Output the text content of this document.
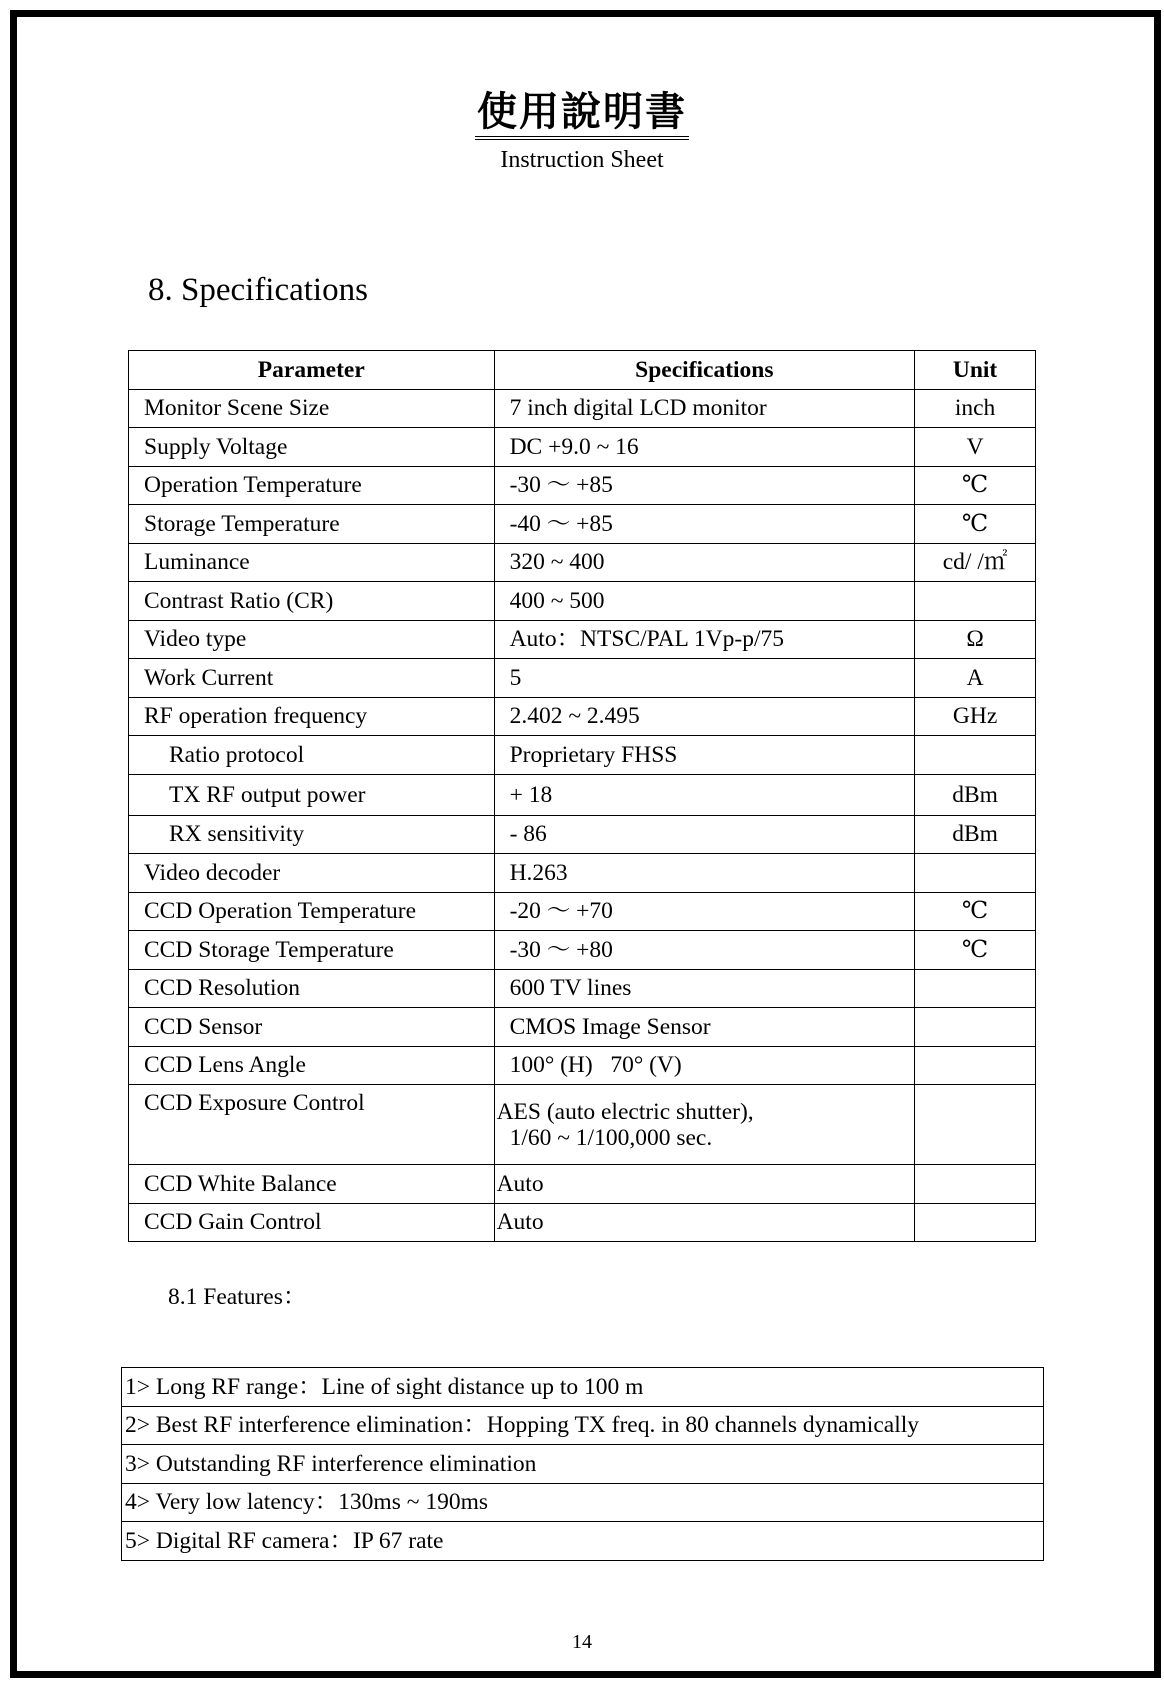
使用說明書
Instruction Sheet
8. Specifications
Parameter	Specifications	Unit
Monitor Scene Size	7 inch digital LCD monitor	inch
Supply Voltage	DC +9.0 ~ 16	V
Operation Temperature	-30 ～ +85	℃
Storage Temperature	-40 ～ +85	℃
Luminance	320 ~ 400	cd/ /㎡
Contrast Ratio (CR)	400 ~ 500	
Video type	Auto：NTSC/PAL 1Vp-p/75	Ω
Work Current	5	A
RF operation frequency	2.402 ~ 2.495	GHz
Ratio protocol	Proprietary FHSS	
TX RF output power	+ 18	dBm
RX sensitivity	- 86	dBm
Video decoder	H.263	
CCD Operation Temperature	-20 ～ +70	℃
CCD Storage Temperature	-30 ～ +80	℃
CCD Resolution	600 TV lines	
CCD Sensor	CMOS Image Sensor	
CCD Lens Angle	100° (H)   70° (V)	
CCD Exposure Control	AES (auto electric shutter),
1/60 ~ 1/100,000 sec.	

CCD White Balance	Auto	
CCD Gain Control	Auto	
8.1 Features：
1> Long RF range：Line of sight distance up to 100 m
2> Best RF interference elimination：Hopping TX freq. in 80 channels dynamically
3> Outstanding RF interference elimination
4> Very low latency：130ms ~ 190ms
5> Digital RF camera：IP 67 rate
14
